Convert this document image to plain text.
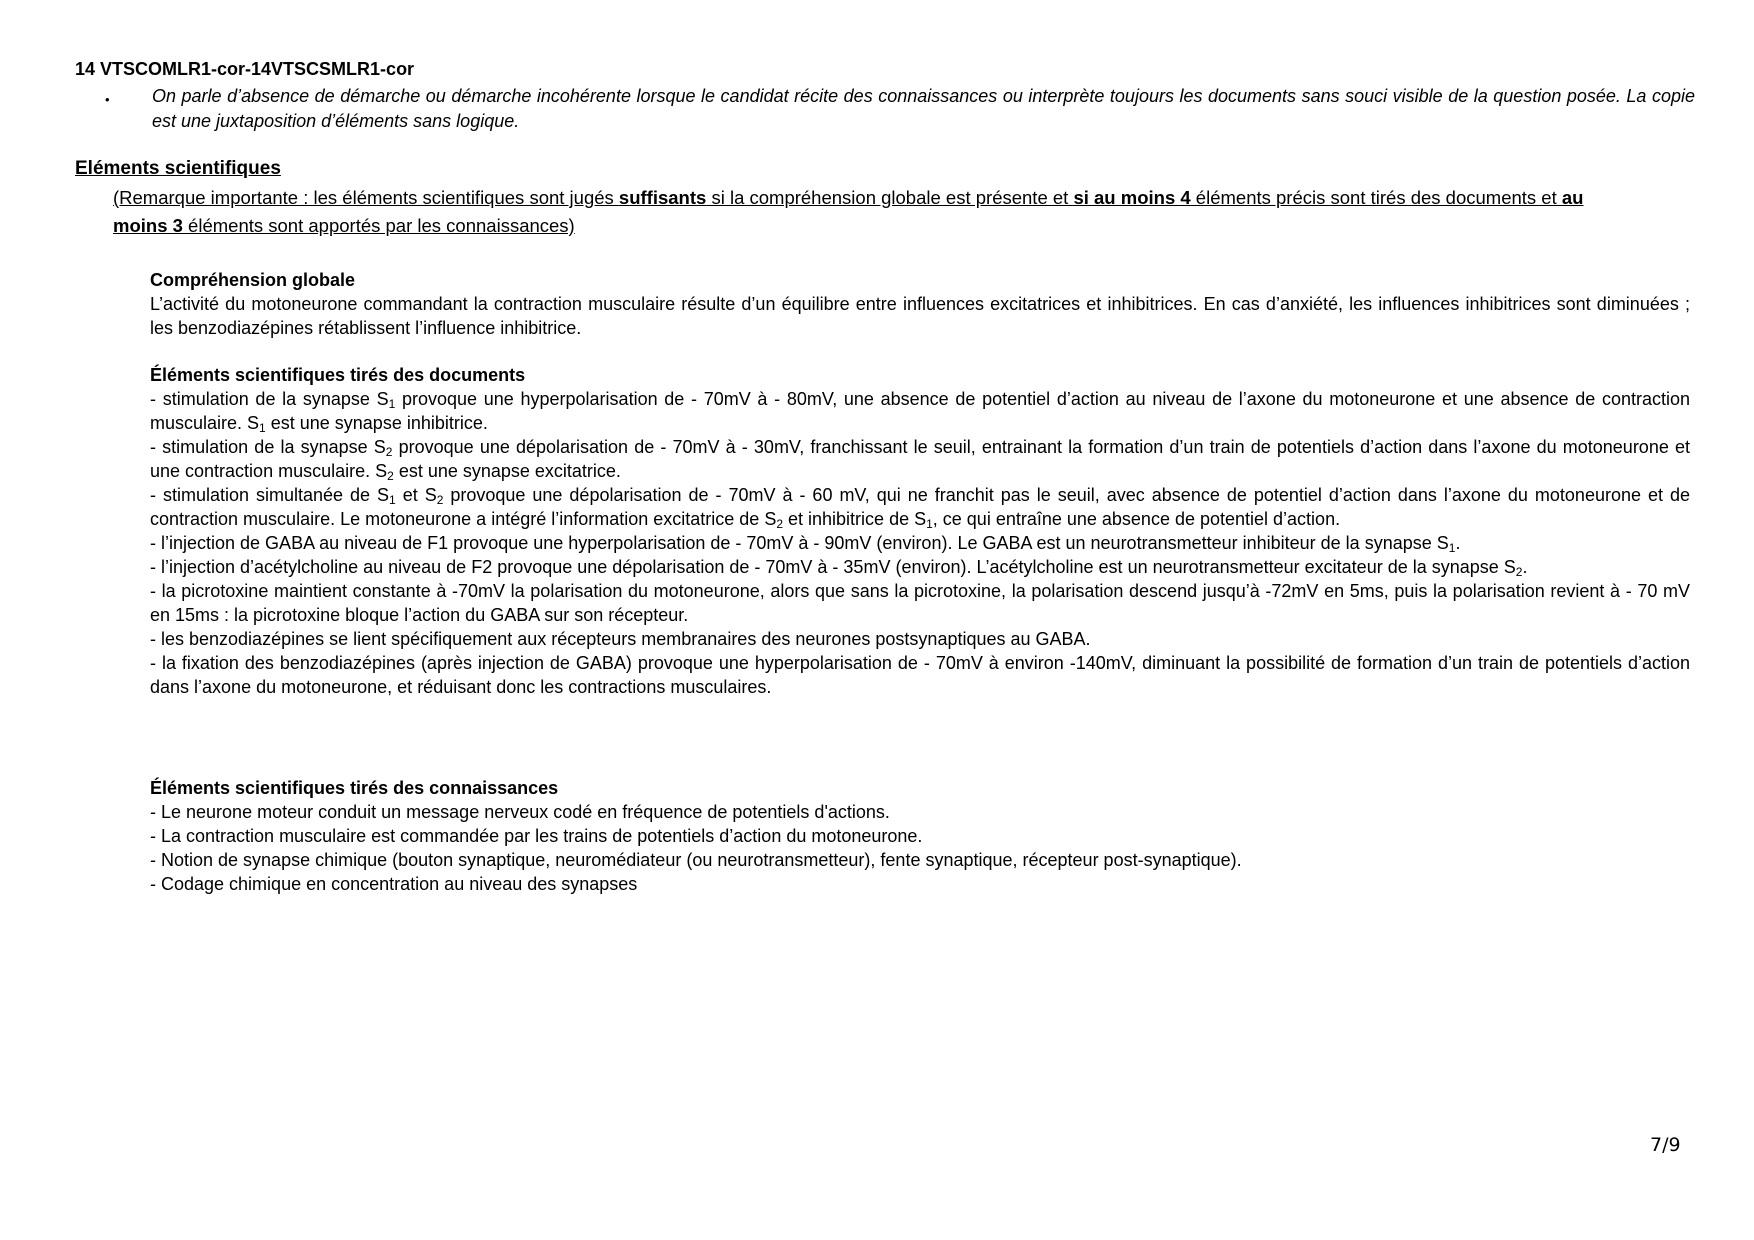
14 VTSCOMLR1-cor-14VTSCSMLR1-cor
•	On parle d’absence de démarche ou démarche incohérente lorsque le candidat récite des connaissances ou interprète toujours les documents sans souci visible de la question posée. La copie est une juxtaposition d’éléments sans logique.
Eléments scientifiques
(Remarque importante : les éléments scientifiques sont jugés suffisants si la compréhension globale est présente et si au moins 4 éléments précis sont tirés des documents et au moins 3 éléments sont apportés par les connaissances)
Compréhension globale
L’activité du motoneurone commandant la contraction musculaire résulte d’un équilibre entre influences excitatrices et inhibitrices. En cas d’anxiété, les influences inhibitrices sont diminuées ; les benzodiazépines rétablissent l’influence inhibitrice.
Éléments scientifiques tirés des documents
- stimulation de la synapse $S_1$ provoque une hyperpolarisation de - 70mV à - 80mV, une absence de potentiel d’action au niveau de l’axone du motoneurone et une absence de contraction musculaire. $S_1$ est une synapse inhibitrice.
- stimulation de la synapse $S_2$ provoque une dépolarisation de - 70mV à - 30mV, franchissant le seuil, entrainant la formation d’un train de potentiels d’action dans l’axone du motoneurone et une contraction musculaire. $S_2$ est une synapse excitatrice.
- stimulation simultanée de $S_1$ et $S_2$ provoque une dépolarisation de - 70mV à - 60 mV, qui ne franchit pas le seuil, avec absence de potentiel d’action dans l’axone du motoneurone et de contraction musculaire. Le motoneurone a intégré l’information excitatrice de $S_2$ et inhibitrice de $S_1$, ce qui entraîne une absence de potentiel d’action.
- l’injection de GABA au niveau de F1 provoque une hyperpolarisation de - 70mV à - 90mV (environ). Le GABA est un neurotransmetteur inhibiteur de la synapse $S_1$.
- l’injection d’acétylcholine au niveau de F2 provoque une dépolarisation de - 70mV à - 35mV (environ). L’acétylcholine est un neurotransmetteur excitateur de la synapse $S_2$.
- la picrotoxine maintient constante à -70mV la polarisation du motoneurone, alors que sans la picrotoxine, la polarisation descend jusqu’à -72mV en 5ms, puis la polarisation revient à - 70 mV en 15ms : la picrotoxine bloque l’action du GABA sur son récepteur.
- les benzodiazépines se lient spécifiquement aux récepteurs membranaires des neurones postsynaptiques au GABA.
- la fixation des benzodiazépines (après injection de GABA) provoque une hyperpolarisation de - 70mV à environ -140mV, diminuant la possibilité de formation d’un train de potentiels d’action dans l’axone du motoneurone, et réduisant donc les contractions musculaires.
Éléments scientifiques tirés des connaissances
- Le neurone moteur conduit un message nerveux codé en fréquence de potentiels d'actions.
- La contraction musculaire est commandée par les trains de potentiels d’action du motoneurone.
- Notion de synapse chimique (bouton synaptique, neuromédiateur (ou neurotransmetteur), fente synaptique, récepteur post-synaptique).
- Codage chimique en concentration au niveau des synapses
7/9
